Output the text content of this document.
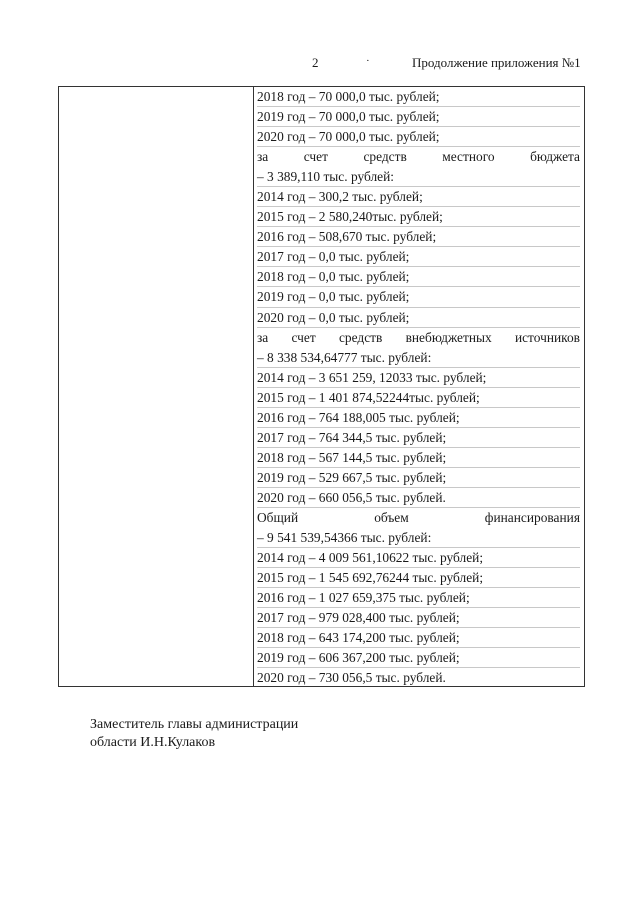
2	·	Продолжение приложения №1
2018 год – 70 000,0 тыс. рублей;
2019 год – 70 000,0 тыс. рублей;
2020 год – 70 000,0 тыс. рублей;
за счет средств местного бюджета
– 3 389,110 тыс. рублей:
2014 год – 300,2 тыс. рублей;
2015 год – 2 580,240тыс. рублей;
2016 год – 508,670 тыс. рублей;
2017 год – 0,0 тыс. рублей;
2018 год – 0,0 тыс. рублей;
2019 год – 0,0 тыс. рублей;
2020 год – 0,0 тыс. рублей;
за счет средств внебюджетных источников
– 8 338 534,64777 тыс. рублей:
2014 год – 3 651 259, 12033 тыс. рублей;
2015 год – 1 401 874,52244тыс. рублей;
2016 год – 764 188,005 тыс. рублей;
2017 год – 764 344,5 тыс. рублей;
2018 год – 567 144,5 тыс. рублей;
2019 год – 529 667,5 тыс. рублей;
2020 год – 660 056,5 тыс. рублей.
Общий объем финансирования
– 9 541 539,54366 тыс. рублей:
2014 год – 4 009 561,10622 тыс. рублей;
2015 год – 1 545 692,76244 тыс. рублей;
2016 год – 1 027 659,375 тыс. рублей;
2017 год – 979 028,400 тыс. рублей;
2018 год – 643 174,200 тыс. рублей;
2019 год – 606 367,200 тыс. рублей;
2020 год – 730 056,5 тыс. рублей.
Заместитель главы администрации
области И.Н.Кулаков
